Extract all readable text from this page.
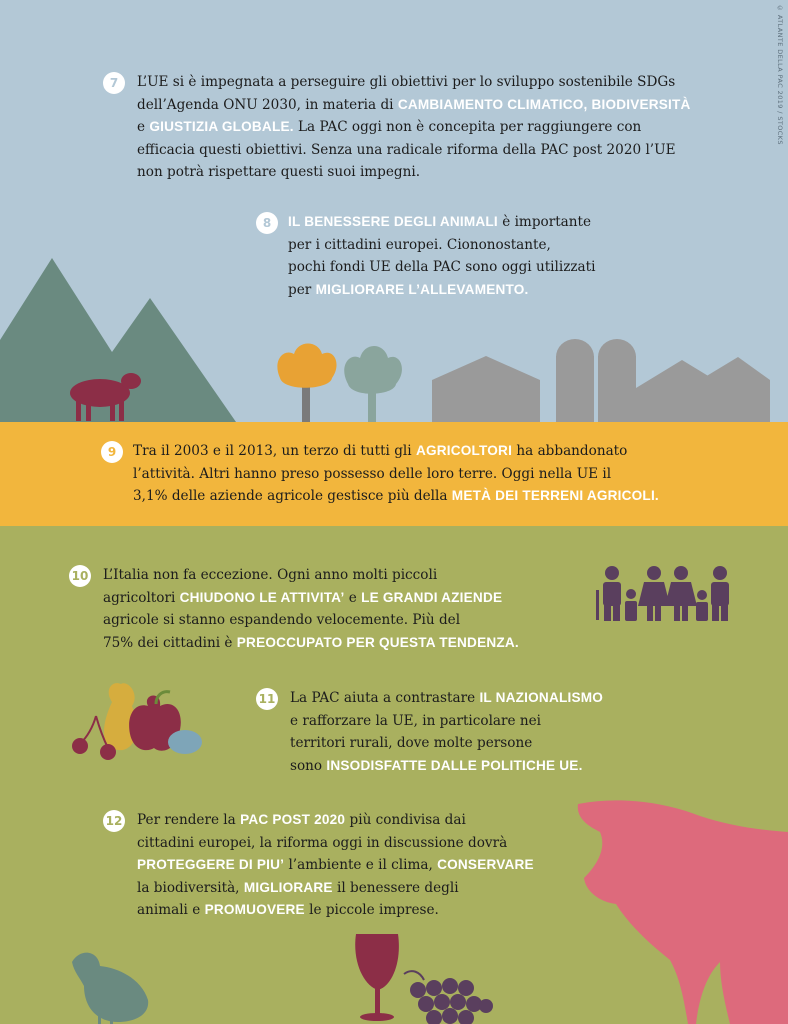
© ATLANTE DELLA PAC 2019 / STOCKS
7	L’UE si è impegnata a perseguire gli obiettivi per lo sviluppo sostenibile SDGs
dell’Agenda ONU 2030, in materia di CAMBIAMENTO CLIMATICO, BIODIVERSITÀ
e GIUSTIZIA GLOBALE. La PAC oggi non è concepita per raggiungere con
efficacia questi obiettivi. Senza una radicale riforma della PAC post 2020 l’UE
non potrà rispettare questi suoi impegni.

8	IL BENESSERE DEGLI ANIMALI è importante
per i cittadini europei. Ciononostante,
pochi fondi UE della PAC sono oggi utilizzati
per MIGLIORARE L’ALLEVAMENTO.

9	Tra il 2003 e il 2013, un terzo di tutti gli AGRICOLTORI ha abbandonato
l’attività. Altri hanno preso possesso delle loro terre. Oggi nella UE il
3,1% delle aziende agricole gestisce più della METÀ DEI TERRENI AGRICOLI.

10 L’Italia non fa eccezione. Ogni anno molti piccoli
agricoltori CHIUDONO LE ATTIVITA’ e LE GRANDI AZIENDE
agricole si stanno espandendo velocemente. Più del
75% dei cittadini è PREOCCUPATO PER QUESTA TENDENZA.

11 La PAC aiuta a contrastare IL NAZIONALISMO
e rafforzare la UE, in particolare nei
territori rurali, dove molte persone
sono INSODISFATTE DALLE POLITICHE UE.

12 Per rendere la PAC POST 2020 più condivisa dai
cittadini europei, la riforma oggi in discussione dovrà
PROTEGGERE DI PIU’ l’ambiente e il clima, CONSERVARE
la biodiversità, MIGLIORARE il benessere degli
animali e PROMUOVERE le piccole imprese.
